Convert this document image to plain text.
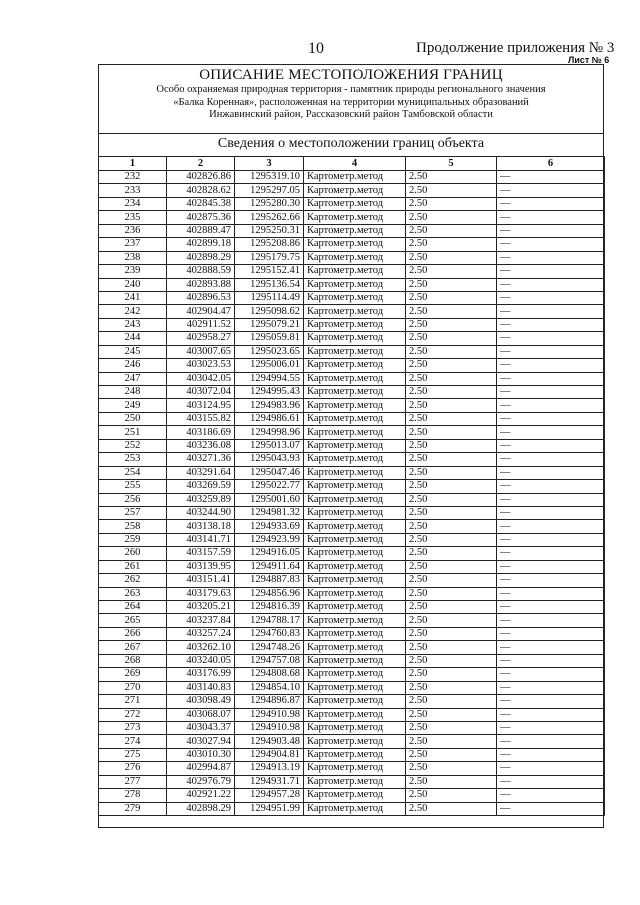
10	Продолжение приложения № 3
Лист № 6
ОПИСАНИЕ МЕСТОПОЛОЖЕНИЯ ГРАНИЦ
Особо охраняемая природная территория - памятник природы регионального значения
«Балка Коренная», расположенная на территории муниципальных образований
Инжавинский район, Рассказовский район Тамбовской области
Сведения о местоположении границ объекта
1	2	3	4	5	6
232	402826.86	1295319.10	Картометр.метод	2.50	—
233	402828.62	1295297.05	Картометр.метод	2.50	—
234	402845.38	1295280.30	Картометр.метод	2.50	—
235	402875.36	1295262.66	Картометр.метод	2.50	—
236	402889.47	1295250.31	Картометр.метод	2.50	—
237	402899.18	1295208.86	Картометр.метод	2.50	—
238	402898.29	1295179.75	Картометр.метод	2.50	—
239	402888.59	1295152.41	Картометр.метод	2.50	—
240	402893.88	1295136.54	Картометр.метод	2.50	—
241	402896.53	1295114.49	Картометр.метод	2.50	—
242	402904.47	1295098.62	Картометр.метод	2.50	—
243	402911.52	1295079.21	Картометр.метод	2.50	—
244	402958.27	1295059.81	Картометр.метод	2.50	—
245	403007.65	1295023.65	Картометр.метод	2.50	—
246	403023.53	1295006.01	Картометр.метод	2.50	—
247	403042.05	1294994.55	Картометр.метод	2.50	—
248	403072.04	1294995.43	Картометр.метод	2.50	—
249	403124.95	1294983.96	Картометр.метод	2.50	—
250	403155.82	1294986.61	Картометр.метод	2.50	—
251	403186.69	1294998.96	Картометр.метод	2.50	—
252	403236.08	1295013.07	Картометр.метод	2.50	—
253	403271.36	1295043.93	Картометр.метод	2.50	—
254	403291.64	1295047.46	Картометр.метод	2.50	—
255	403269.59	1295022.77	Картометр.метод	2.50	—
256	403259.89	1295001.60	Картометр.метод	2.50	—
257	403244.90	1294981.32	Картометр.метод	2.50	—
258	403138.18	1294933.69	Картометр.метод	2.50	—
259	403141.71	1294923.99	Картометр.метод	2.50	—
260	403157.59	1294916.05	Картометр.метод	2.50	—
261	403139.95	1294911.64	Картометр.метод	2.50	—
262	403151.41	1294887.83	Картометр.метод	2.50	—
263	403179.63	1294856.96	Картометр.метод	2.50	—
264	403205.21	1294816.39	Картометр.метод	2.50	—
265	403237.84	1294788.17	Картометр.метод	2.50	—
266	403257.24	1294760.83	Картометр.метод	2.50	—
267	403262.10	1294748.26	Картометр.метод	2.50	—
268	403240.05	1294757.08	Картометр.метод	2.50	—
269	403176.99	1294808.68	Картометр.метод	2.50	—
270	403140.83	1294854.10	Картометр.метод	2.50	—
271	403098.49	1294896.87	Картометр.метод	2.50	—
272	403068.07	1294910.98	Картометр.метод	2.50	—
273	403043.37	1294910.98	Картометр.метод	2.50	—
274	403027.94	1294903.48	Картометр.метод	2.50	—
275	403010.30	1294904.81	Картометр.метод	2.50	—
276	402994.87	1294913.19	Картометр.метод	2.50	—
277	402976.79	1294931.71	Картометр.метод	2.50	—
278	402921.22	1294957.28	Картометр.метод	2.50	—
279	402898.29	1294951.99	Картометр.метод	2.50	—
